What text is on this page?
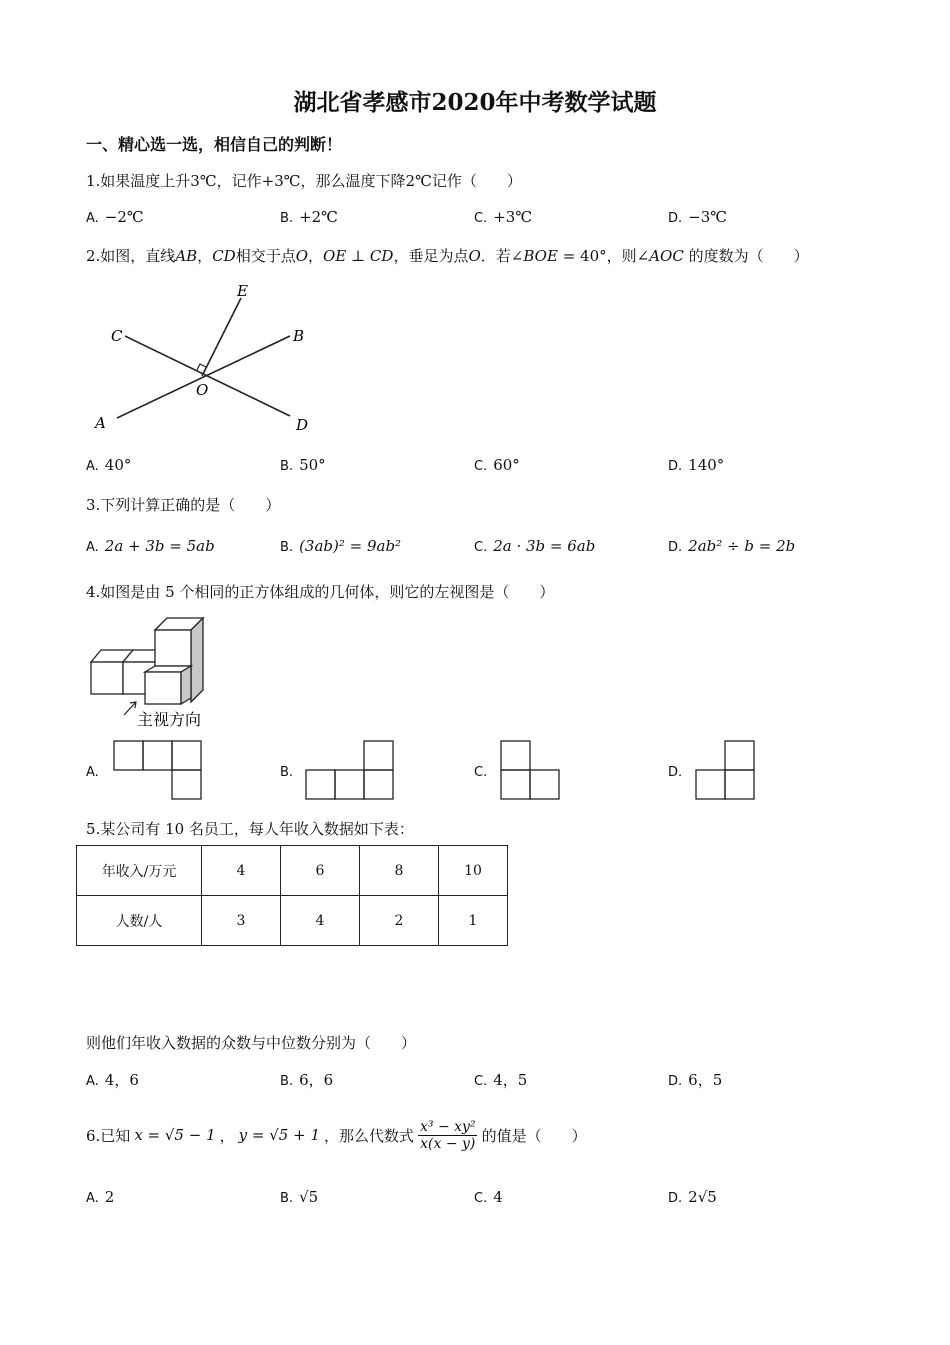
湖北省孝感市2020年中考数学试题
一、精心选一选，相信自己的判断！
1.如果温度上升3℃，记作+3℃，那么温度下降2℃记作（　　）
A. −2℃	B. +2℃	C. +3℃	D. −3℃
2.如图，直线AB，CD相交于点O，OE ⊥ CD，垂足为点O．若∠BOE = 40°，则∠AOC 的度数为（　　）
E
C	B
O
A	D
A. 40°	B. 50°	C. 60°	D. 140°
3.下列计算正确的是（　　）
A. 2a + 3b = 5ab	B. (3ab)² = 9ab²	C. 2a · 3b = 6ab	D. 2ab² ÷ b = 2b
4.如图是由 5 个相同的正方体组成的几何体，则它的左视图是（　　）
主视方向
A.	B.	C.	D.
5.某公司有 10 名员工，每人年收入数据如下表：
年收入/万元	4	6	8	10
人数/人	3	4	2	1
则他们年收入数据的众数与中位数分别为（　　）
A. 4，6	B. 6，6	C. 4，5	D. 6，5
6.已知 x = √5 − 1 ， y = √5 + 1 ，那么代数式 $\frac{\text{x³ − xy²}}{x(x - y)}$ 的值是（　　）
A. 2	B. √5	C. 4	D. 2√5
